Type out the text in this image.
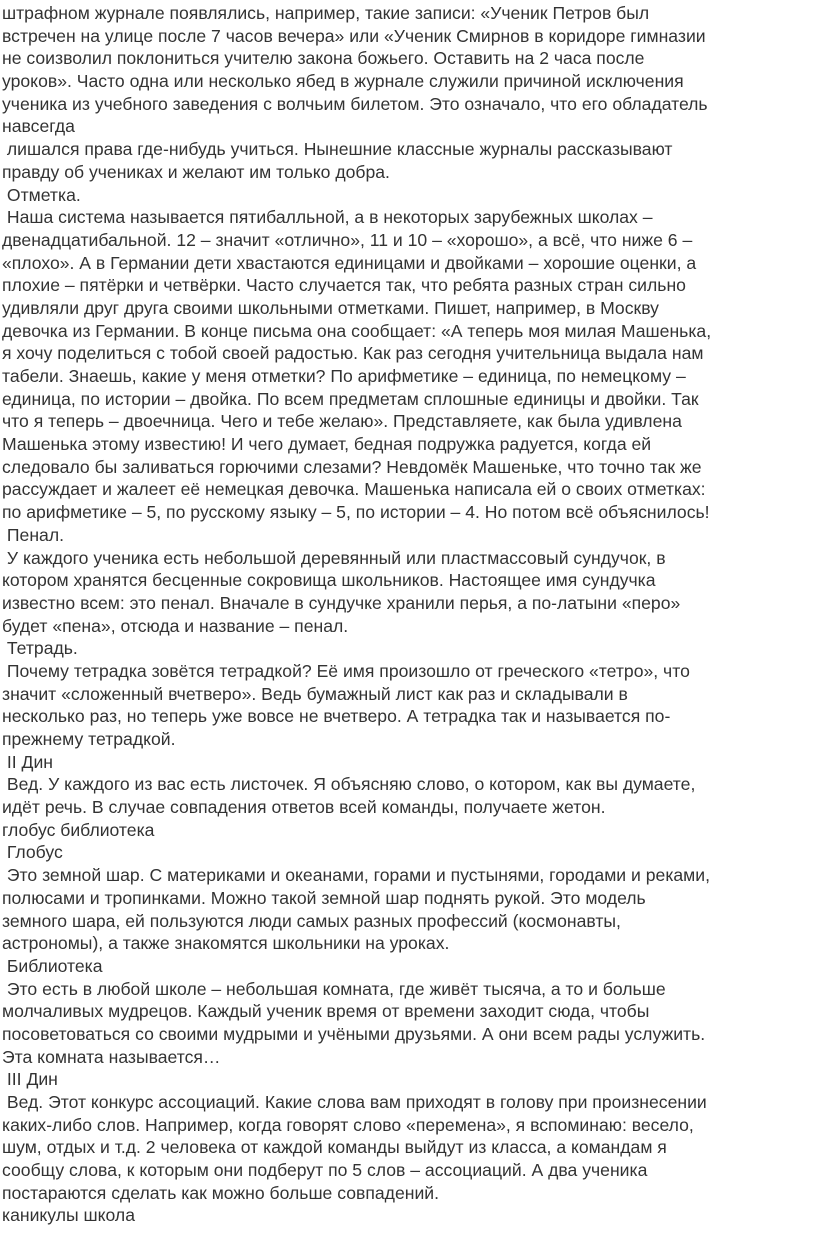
штрафном журнале появлялись, например, такие записи: «Ученик Петров был
встречен на улице после 7 часов вечера» или «Ученик Смирнов в коридоре гимназии
не соизволил поклониться учителю закона божьего. Оставить на 2 часа после
уроков». Часто одна или несколько ябед в журнале служили причиной исключения
ученика из учебного заведения с волчьим билетом. Это означало, что его обладатель
навсегда
лишался права где-нибудь учиться. Нынешние классные журналы рассказывают
правду об учениках и желают им только добра.
Отметка.
Наша система называется пятибалльной, а в некоторых зарубежных школах –
двенадцатибальной. 12 – значит «отлично», 11 и 10 – «хорошо», а всё, что ниже 6 –
«плохо». А в Германии дети хвастаются единицами и двойками – хорошие оценки, а
плохие – пятёрки и четвёрки. Часто случается так, что ребята разных стран сильно
удивляли друг друга своими школьными отметками. Пишет, например, в Москву
девочка из Германии. В конце письма она сообщает: «А теперь моя милая Машенька,
я хочу поделиться с тобой своей радостью. Как раз сегодня учительница выдала нам
табели. Знаешь, какие у меня отметки? По арифметике – единица, по немецкому –
единица, по истории – двойка. По всем предметам сплошные единицы и двойки. Так
что я теперь – двоечница. Чего и тебе желаю». Представляете, как была удивлена
Машенька этому известию! И чего думает, бедная подружка радуется, когда ей
следовало бы заливаться горючими слезами? Невдомёк Машеньке, что точно так же
рассуждает и жалеет её немецкая девочка. Машенька написала ей о своих отметках:
по арифметике – 5, по русскому языку – 5, по истории – 4. Но потом всё объяснилось!
Пенал.
У каждого ученика есть небольшой деревянный или пластмассовый сундучок, в
котором хранятся бесценные сокровища школьников. Настоящее имя сундучка
известно всем: это пенал. Вначале в сундучке хранили перья, а по-латыни «перо»
будет «пена», отсюда и название – пенал.
Тетрадь.
Почему тетрадка зовётся тетрадкой? Её имя произошло от греческого «тетро», что
значит «сложенный вчетверо». Ведь бумажный лист как раз и складывали в
несколько раз, но теперь уже вовсе не вчетверо. А тетрадка так и называется по-
прежнему тетрадкой.
II Дин
Вед. У каждого из вас есть листочек. Я объясняю слово, о котором, как вы думаете,
идёт речь. В случае совпадения ответов всей команды, получаете жетон.
глобус библиотека
Глобус
Это земной шар. С материками и океанами, горами и пустынями, городами и реками,
полюсами и тропинками. Можно такой земной шар поднять рукой. Это модель
земного шара, ей пользуются люди самых разных профессий (космонавты,
астрономы), а также знакомятся школьники на уроках.
Библиотека
Это есть в любой школе – небольшая комната, где живёт тысяча, а то и больше
молчаливых мудрецов. Каждый ученик время от времени заходит сюда, чтобы
посоветоваться со своими мудрыми и учёными друзьями. А они всем рады услужить.
Эта комната называется…
III Дин
Вед. Этот конкурс ассоциаций. Какие слова вам приходят в голову при произнесении
каких-либо слов. Например, когда говорят слово «перемена», я вспоминаю: весело,
шум, отдых и т.д. 2 человека от каждой команды выйдут из класса, а командам я
сообщу слова, к которым они подберут по 5 слов – ассоциаций. А два ученика
постараются сделать как можно больше совпадений.
каникулы школа
